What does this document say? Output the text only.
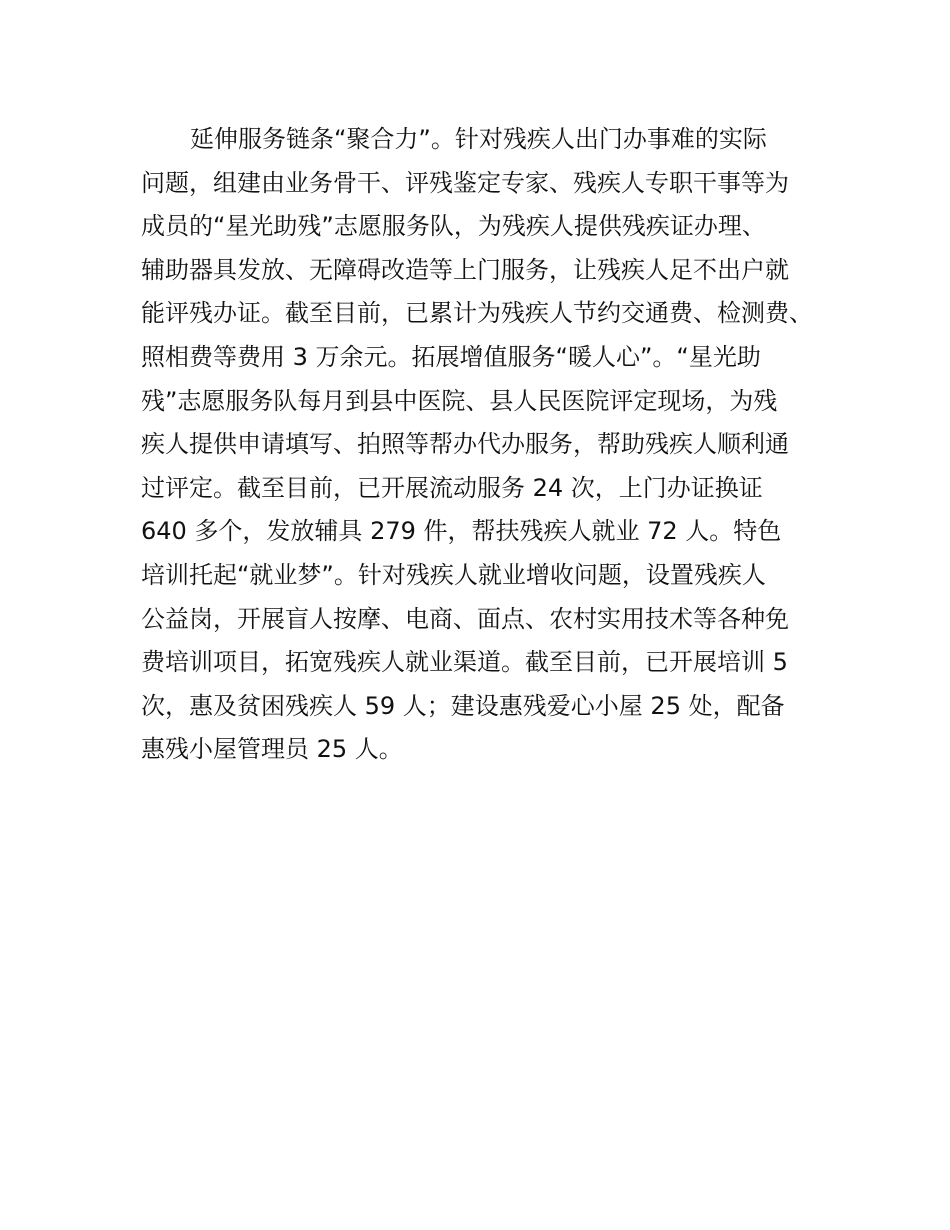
延伸服务链条“聚合力”。针对残疾人出门办事难的实际
问题，组建由业务骨干、评残鉴定专家、残疾人专职干事等为
成员的“星光助残”志愿服务队，为残疾人提供残疾证办理、
辅助器具发放、无障碍改造等上门服务，让残疾人足不出户就
能评残办证。截至目前，已累计为残疾人节约交通费、检测费、
照相费等费用 3 万余元。拓展增值服务“暖人心”。“星光助
残”志愿服务队每月到县中医院、县人民医院评定现场，为残
疾人提供申请填写、拍照等帮办代办服务，帮助残疾人顺利通
过评定。截至目前，已开展流动服务 24 次，上门办证换证
640 多个，发放辅具 279 件，帮扶残疾人就业 72 人。特色
培训托起“就业梦”。针对残疾人就业增收问题，设置残疾人
公益岗，开展盲人按摩、电商、面点、农村实用技术等各种免
费培训项目，拓宽残疾人就业渠道。截至目前，已开展培训 5
次，惠及贫困残疾人 59 人；建设惠残爱心小屋 25 处，配备
惠残小屋管理员 25 人。
